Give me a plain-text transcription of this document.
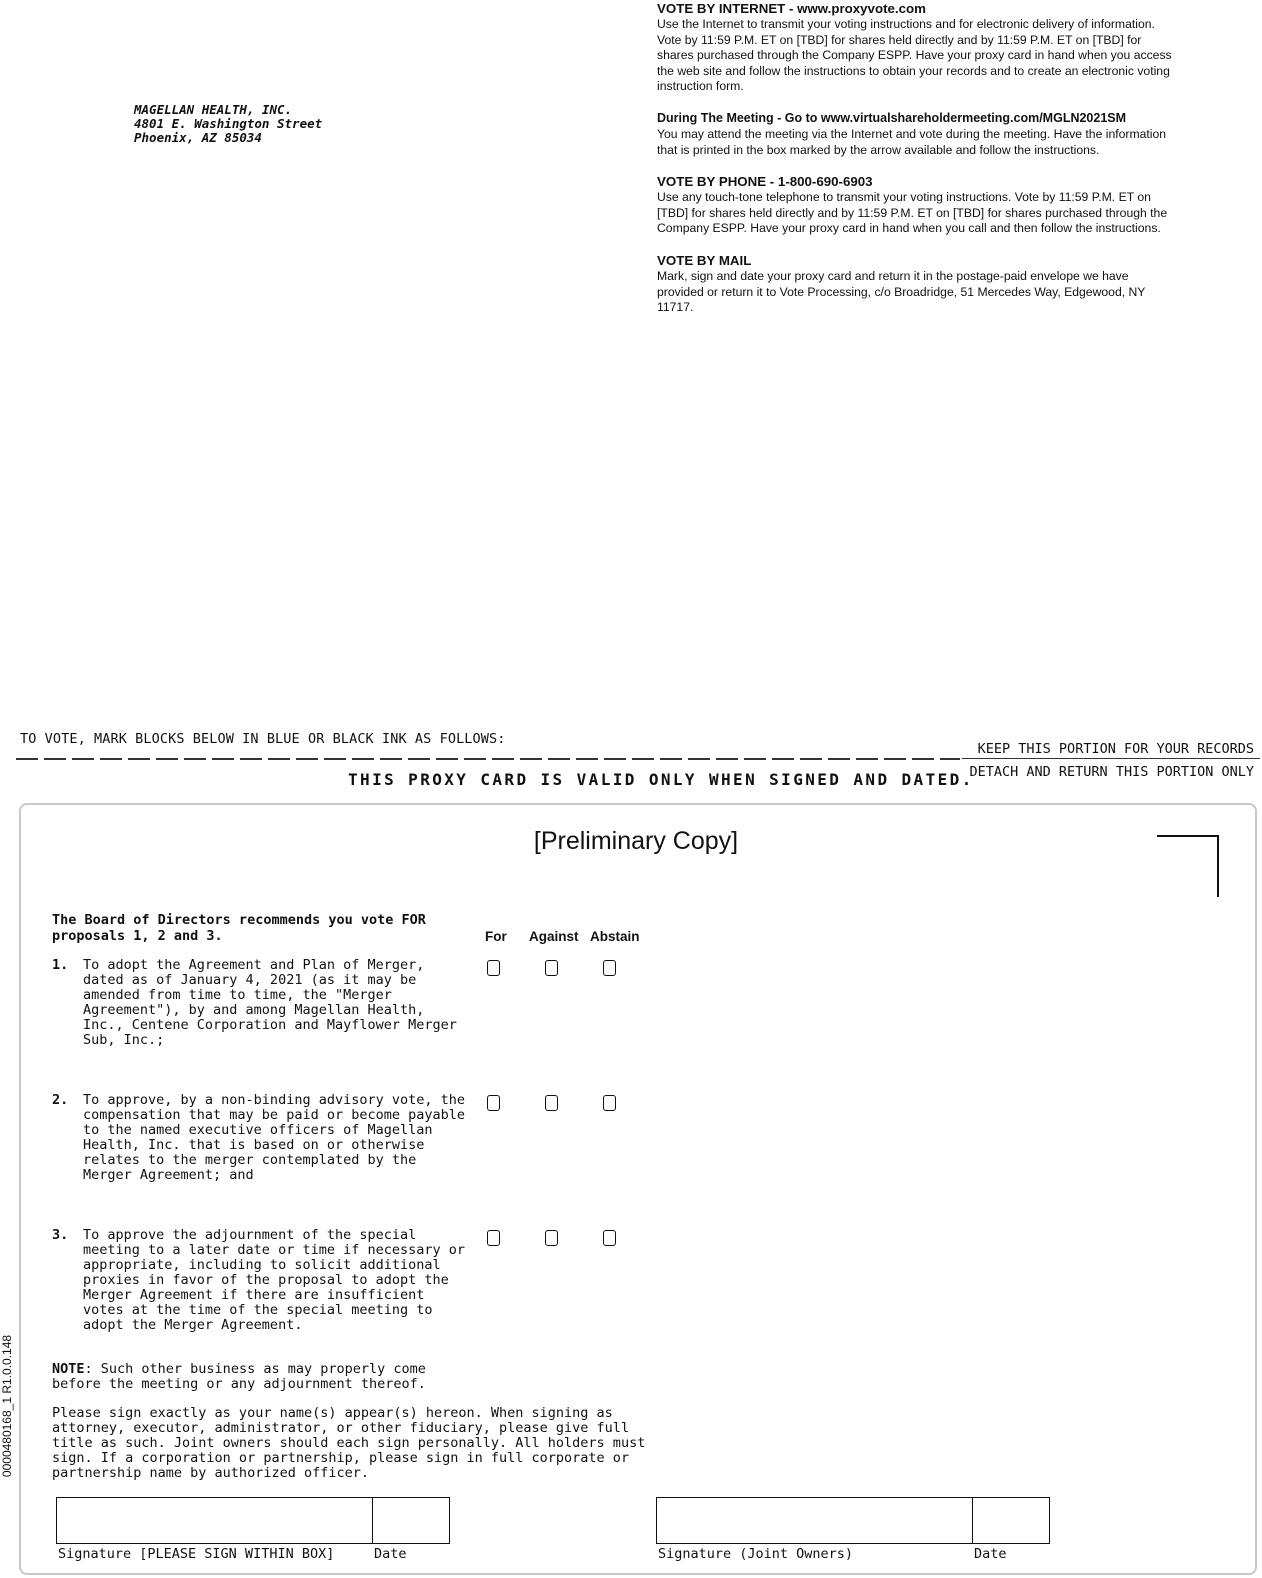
MAGELLAN HEALTH, INC.
4801 E. Washington Street
Phoenix, AZ 85034
VOTE BY INTERNET - www.proxyvote.com
Use the Internet to transmit your voting instructions and for electronic delivery of information. Vote by 11:59 P.M. ET on [TBD] for shares held directly and by 11:59 P.M. ET on [TBD] for shares purchased through the Company ESPP. Have your proxy card in hand when you access the web site and follow the instructions to obtain your records and to create an electronic voting instruction form.
During The Meeting - Go to www.virtualshareholdermeeting.com/MGLN2021SM
You may attend the meeting via the Internet and vote during the meeting. Have the information that is printed in the box marked by the arrow available and follow the instructions.
VOTE BY PHONE - 1-800-690-6903
Use any touch-tone telephone to transmit your voting instructions. Vote by 11:59 P.M. ET on [TBD] for shares held directly and by 11:59 P.M. ET on [TBD] for shares purchased through the Company ESPP. Have your proxy card in hand when you call and then follow the instructions.
VOTE BY MAIL
Mark, sign and date your proxy card and return it in the postage-paid envelope we have provided or return it to Vote Processing, c/o Broadridge, 51 Mercedes Way, Edgewood, NY 11717.
TO VOTE, MARK BLOCKS BELOW IN BLUE OR BLACK INK AS FOLLOWS:
KEEP THIS PORTION FOR YOUR RECORDS
DETACH AND RETURN THIS PORTION ONLY
THIS PROXY CARD IS VALID ONLY WHEN SIGNED AND DATED.
[Preliminary Copy]
The Board of Directors recommends you vote FOR
proposals 1, 2 and 3.	For Against Abstain
1. To adopt the Agreement and Plan of Merger,
dated as of January 4, 2021 (as it may be
amended from time to time, the "Merger
Agreement"), by and among Magellan Health,
Inc., Centene Corporation and Mayflower Merger
Sub, Inc.;
2. To approve, by a non-binding advisory vote, the
compensation that may be paid or become payable
to the named executive officers of Magellan
Health, Inc. that is based on or otherwise
relates to the merger contemplated by the
Merger Agreement; and
3. To approve the adjournment of the special
meeting to a later date or time if necessary or
appropriate, including to solicit additional
proxies in favor of the proposal to adopt the
Merger Agreement if there are insufficient
votes at the time of the special meeting to
adopt the Merger Agreement.
NOTE: Such other business as may properly come
before the meeting or any adjournment thereof.
Please sign exactly as your name(s) appear(s) hereon. When signing as
attorney, executor, administrator, or other fiduciary, please give full
title as such. Joint owners should each sign personally. All holders must
sign. If a corporation or partnership, please sign in full corporate or
partnership name by authorized officer.
Signature [PLEASE SIGN WITHIN BOX]	Date	Signature (Joint Owners)	Date
0000480168_1 R1.0.0.148
